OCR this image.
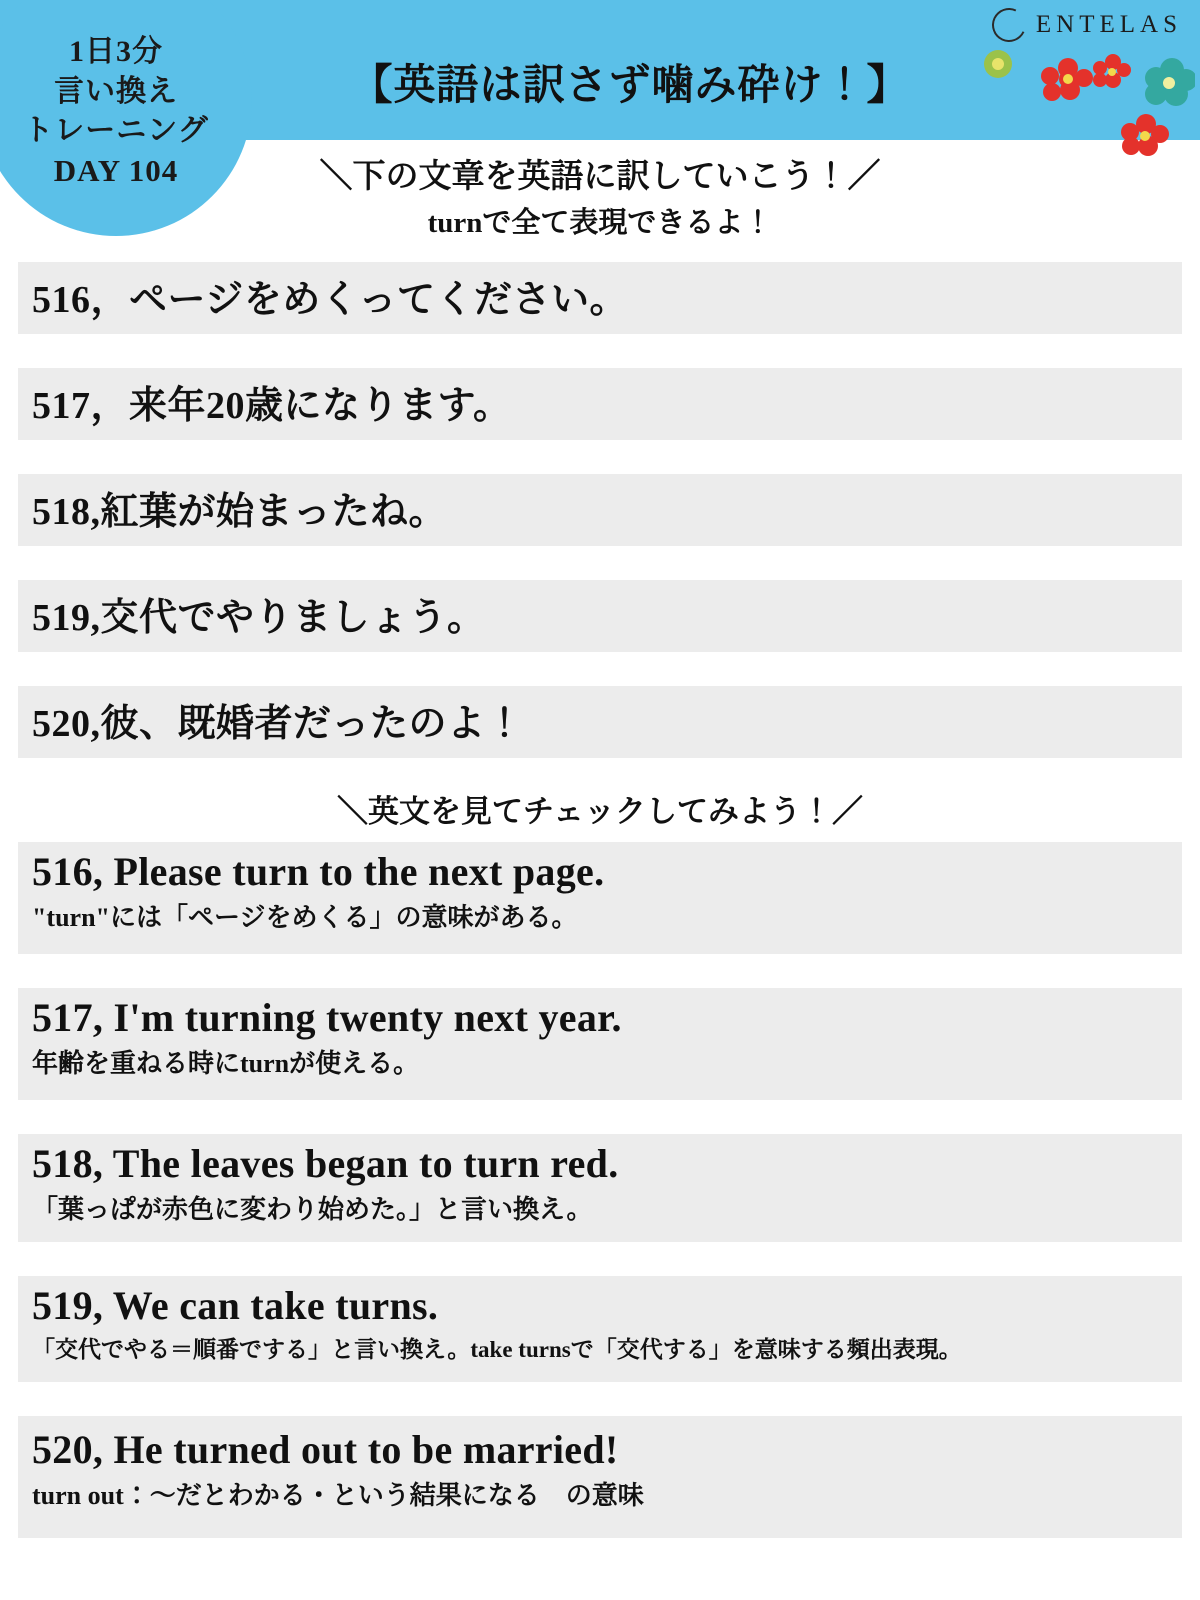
1日3分
言い換え
トレーニング
DAY 104
【英語は訳さず噛み砕け！】
ENTELAS
＼下の文章を英語に訳していこう！／
turnで全て表現できるよ！
516，ページをめくってください。
517，来年20歳になります。
518,紅葉が始まったね。
519,交代でやりましょう。
520,彼、既婚者だったのよ！
＼英文を見てチェックしてみよう！／
516, Please turn to the next page.
"turn"には「ページをめくる」の意味がある。
517, I'm turning twenty next year.
年齢を重ねる時にturnが使える。
518, The leaves began to turn red.
「葉っぱが赤色に変わり始めた。」と言い換え。
519, We can take turns.
「交代でやる＝順番でする」と言い換え。take turnsで「交代する」を意味する頻出表現。
520, He turned out to be married!
turn out：〜だとわかる・という結果になる　の意味
